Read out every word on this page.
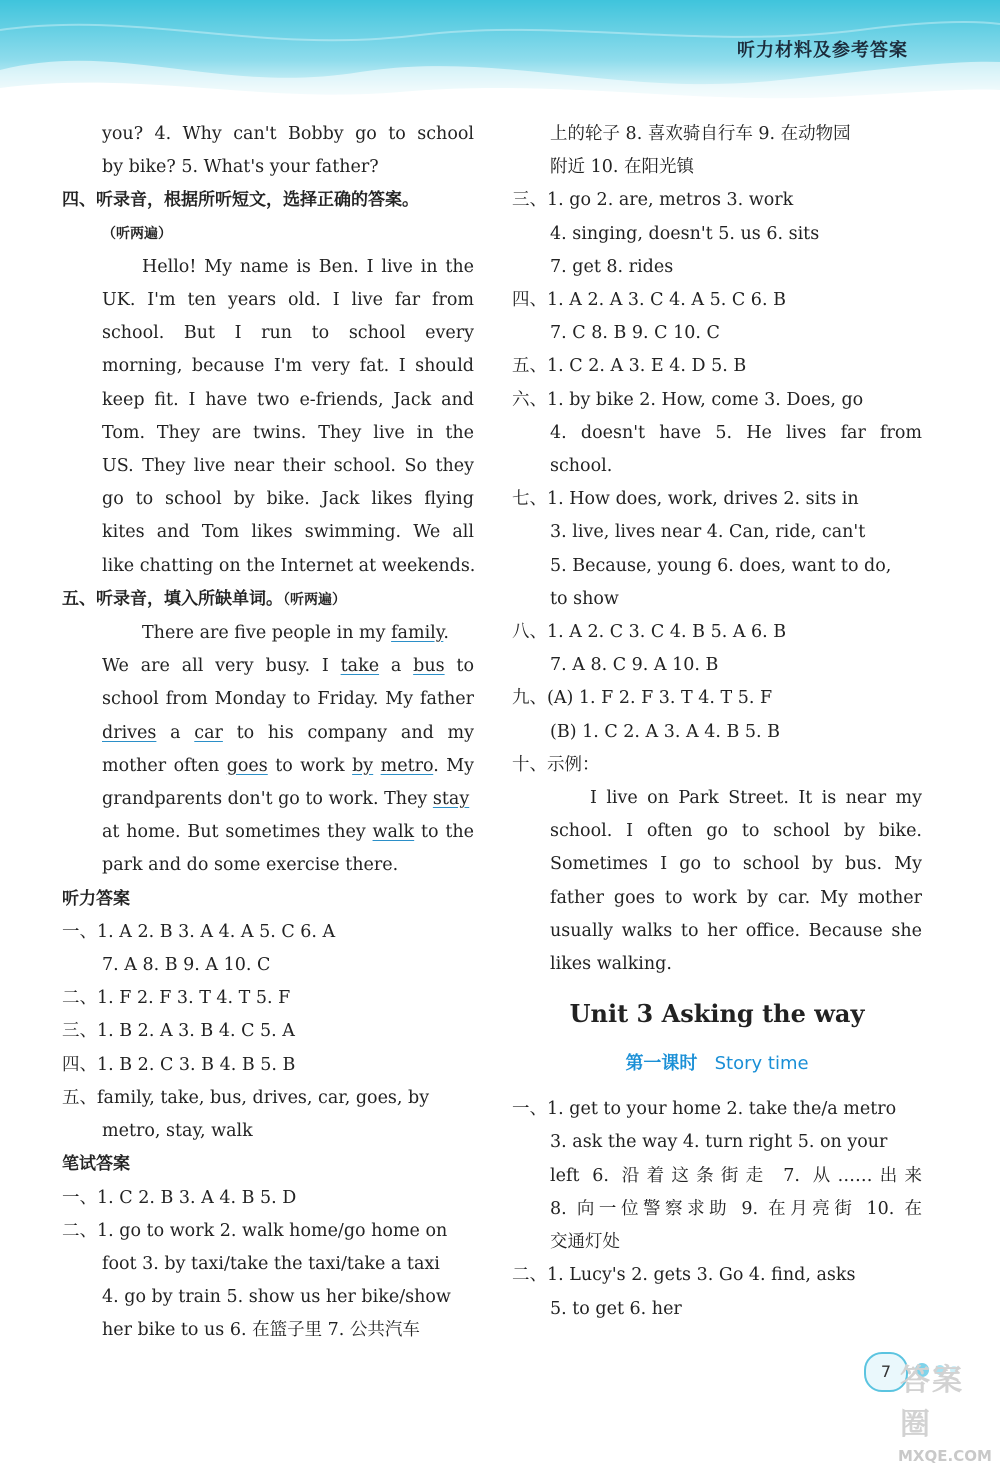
听力材料及参考答案
you? 4. Why can't Bobby go to school
by bike? 5. What's your father?
四、听录音，根据所听短文，选择正确的答案。
（听两遍）
Hello! My name is Ben. I live in the
UK. I'm ten years old. I live far from
school. But I run to school every
morning, because I'm very fat. I should
keep fit. I have two e-friends, Jack and
Tom. They are twins. They live in the
US. They live near their school. So they
go to school by bike. Jack likes flying
kites and Tom likes swimming. We all
like chatting on the Internet at weekends.
五、听录音，填入所缺单词。（听两遍）
There are five people in my family.
We are all very busy. I take a bus to
school from Monday to Friday. My father
drives a car to his company and my
mother often goes to work by metro. My
grandparents don't go to work. They stay
at home. But sometimes they walk to the
park and do some exercise there.
听力答案
一、1. A 2. B 3. A 4. A 5. C 6. A
7. A 8. B 9. A 10. C
二、1. F 2. F 3. T 4. T 5. F
三、1. B 2. A 3. B 4. C 5. A
四、1. B 2. C 3. B 4. B 5. B
五、family, take, bus, drives, car, goes, by
metro, stay, walk
笔试答案
一、1. C 2. B 3. A 4. B 5. D
二、1. go to work 2. walk home/go home on
foot 3. by taxi/take the taxi/take a taxi
4. go by train 5. show us her bike/show
her bike to us 6. 在篮子里 7. 公共汽车
上的轮子 8. 喜欢骑自行车 9. 在动物园
附近 10. 在阳光镇
三、1. go 2. are, metros 3. work
4. singing, doesn't 5. us 6. sits
7. get 8. rides
四、1. A 2. A 3. C 4. A 5. C 6. B
7. C 8. B 9. C 10. C
五、1. C 2. A 3. E 4. D 5. B
六、1. by bike 2. How, come 3. Does, go
4. doesn't have 5. He lives far from
school.
七、1. How does, work, drives 2. sits in
3. live, lives near 4. Can, ride, can't
5. Because, young 6. does, want to do,
to show
八、1. A 2. C 3. C 4. B 5. A 6. B
7. A 8. C 9. A 10. B
九、(A) 1. F 2. F 3. T 4. T 5. F
(B) 1. C 2. A 3. A 4. B 5. B
十、示例：
I live on Park Street. It is near my
school. I often go to school by bike.
Sometimes I go to school by bus. My
father goes to work by car. My mother
usually walks to her office. Because she
likes walking.
Unit 3 Asking the way
第一课时 Story time
一、1. get to your home 2. take the/a metro
3. ask the way 4. turn right 5. on your
left 6. 沿着这条街走 7. 从……出来
8. 向一位警察求助 9. 在月亮街 10. 在
交通灯处
二、1. Lucy's 2. gets 3. Go 4. find, asks
5. to get 6. her
7 答案圈
MXQE.COM
